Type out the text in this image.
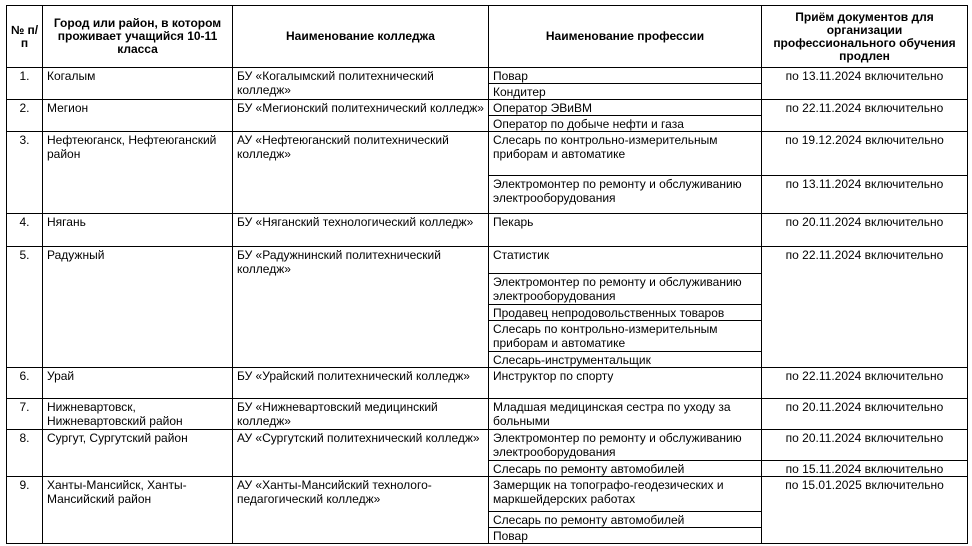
№ п/п	Город или район, в котором проживает учащийся 10-11 класса	Наименование колледжа	Наименование профессии	Приём документов для организации профессионального обучения продлен
1.	Когалым	БУ «Когалымский политехнический колледж»	Повар	по 13.11.2024 включительно
			Кондитер	
2.	Мегион	БУ «Мегионский политехнический колледж»	Оператор ЭВиВМ	по 22.11.2024 включительно
			Оператор по добыче нефти и газа	
3.	Нефтеюганск, Нефтеюганский район	АУ «Нефтеюганский политехнический колледж»	Слесарь по контрольно-измерительным приборам и автоматике	по 19.12.2024 включительно
			Электромонтер по ремонту и обслуживанию электрооборудования	по 13.11.2024 включительно
4.	Нягань	БУ «Няганский технологический колледж»	Пекарь	по 20.11.2024 включительно
5.	Радужный	БУ «Радужнинский политехнический колледж»	Статистик	по 22.11.2024 включительно
			Электромонтер по ремонту и обслуживанию электрооборудования	
			Продавец непродовольственных товаров	
			Слесарь по контрольно-измерительным приборам и автоматике	
			Слесарь-инструментальщик	
6.	Урай	БУ «Урайский политехнический колледж»	Инструктор по спорту	по 22.11.2024 включительно
7.	Нижневартовск, Нижневартовский район	БУ «Нижневартовский медицинский колледж»	Младшая медицинская сестра по уходу за больными	по 20.11.2024 включительно
8.	Сургут, Сургутский район	АУ «Сургутский политехнический колледж»	Электромонтер по ремонту и обслуживанию электрооборудования	по 20.11.2024 включительно
			Слесарь по ремонту автомобилей	по 15.11.2024 включительно
9.	Ханты-Мансийск, Ханты-Мансийский район	АУ «Ханты-Мансийский технолого-педагогический колледж»	Замерщик на топографо-геодезических и маркшейдерских работах	по 15.01.2025 включительно
			Слесарь по ремонту автомобилей	
			Повар	
